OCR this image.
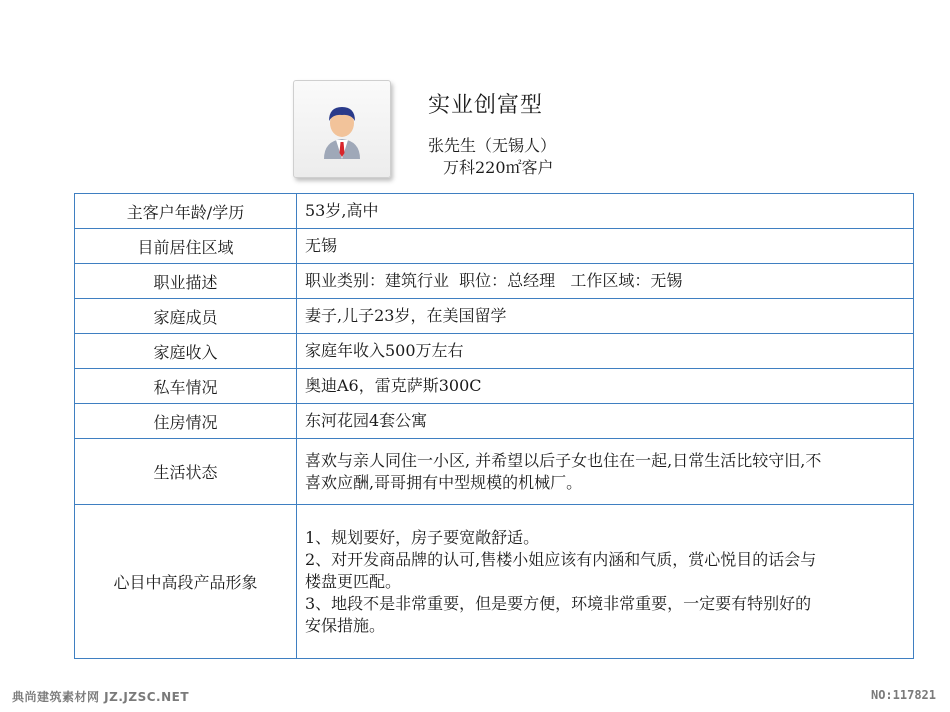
实业创富型
张先生（无锡人）
万科220㎡客户
主客户年龄/学历	53岁,高中
目前居住区域	无锡
职业描述	职业类别：建筑行业  职位：总经理   工作区域：无锡
家庭成员	妻子,儿子23岁，在美国留学
家庭收入	家庭年收入500万左右
私车情况	奥迪A6，雷克萨斯300C
住房情况	东河花园4套公寓
生活状态	喜欢与亲人同住一小区, 并希望以后子女也住在一起,日常生活比较守旧,不
喜欢应酬,哥哥拥有中型规模的机械厂。

心目中高段产品形象	1、规划要好，房子要宽敞舒适。
2、对开发商品牌的认可,售楼小姐应该有内涵和气质，赏心悦目的话会与
楼盘更匹配。
3、地段不是非常重要，但是要方便，环境非常重要，一定要有特别好的
安保措施。
典尚建筑素材网 JZ.JZSC.NET	NO:117821
